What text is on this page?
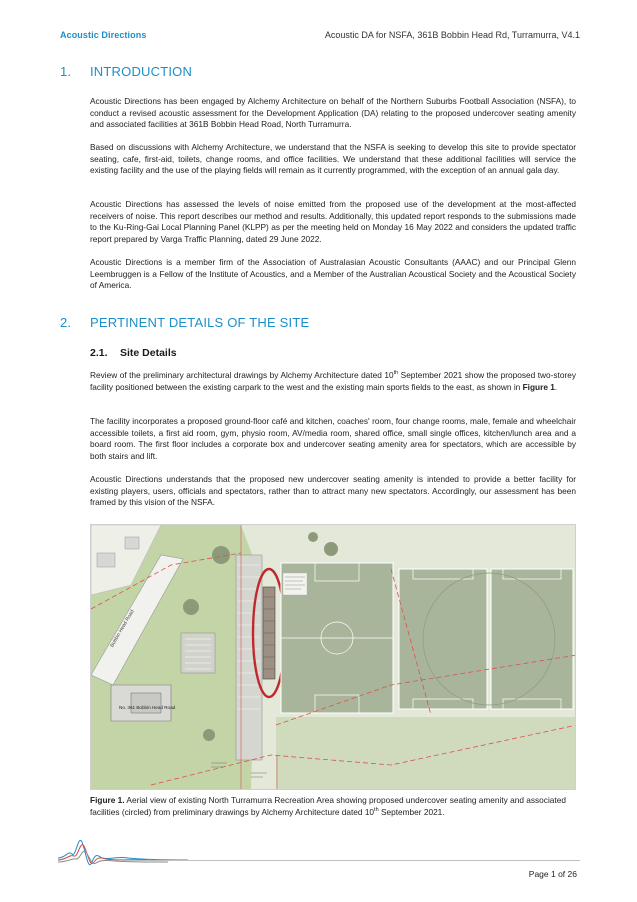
Acoustic Directions	Acoustic DA for NSFA, 361B Bobbin Head Rd, Turramurra, V4.1
1. INTRODUCTION

Acoustic Directions has been engaged by Alchemy Architecture on behalf of the Northern Suburbs Football Association (NSFA), to conduct a revised acoustic assessment for the Development Application (DA) relating to the proposed undercover seating amenity and associated facilities at 361B Bobbin Head Road, North Turramurra.

Based on discussions with Alchemy Architecture, we understand that the NSFA is seeking to develop this site to provide spectator seating, cafe, first-aid, toilets, change rooms, and office facilities. We understand that these additional facilities will service the existing facility and the use of the playing fields will remain as it currently programmed, with the exception of an annual gala day.

Acoustic Directions has assessed the levels of noise emitted from the proposed use of the development at the most-affected receivers of noise. This report describes our method and results. Additionally, this updated report responds to the submissions made to the Ku-Ring-Gai Local Planning Panel (KLPP) as per the meeting held on Monday 16 May 2022 and considers the updated traffic report prepared by Varga Traffic Planning, dated 29 June 2022.

Acoustic Directions is a member firm of the Association of Australasian Acoustic Consultants (AAAC) and our Principal Glenn Leembruggen is a Fellow of the Institute of Acoustics, and a Member of the Australian Acoustical Society and the Acoustical Society of America.

2. PERTINENT DETAILS OF THE SITE
2.1. Site Details

Review of the preliminary architectural drawings by Alchemy Architecture dated 10th September 2021 show the proposed two-storey facility positioned between the existing carpark to the west and the existing main sports fields to the east, as shown in Figure 1.

The facility incorporates a proposed ground-floor café and kitchen, coaches' room, four change rooms, male, female and wheelchair accessible toilets, a first aid room, gym, physio room, AV/media room, shared office, small single offices, kitchen/lunch area and a board room. The first floor includes a corporate box and undercover seating amenity area for spectators, which are accessible by both stairs and lift.

Acoustic Directions understands that the proposed new undercover seating amenity is intended to provide a better facility for existing players, users, officials and spectators, rather than to attract many new spectators. Accordingly, our assessment has been framed by this vision of the NSFA.

Bobbin Head Road
No. 361 Bobbin Head Road

Figure 1. Aerial view of existing North Turramurra Recreation Area showing proposed undercover seating amenity and associated facilities (circled) from preliminary drawings by Alchemy Architecture dated 10th September 2021.

Page 1 of 26
